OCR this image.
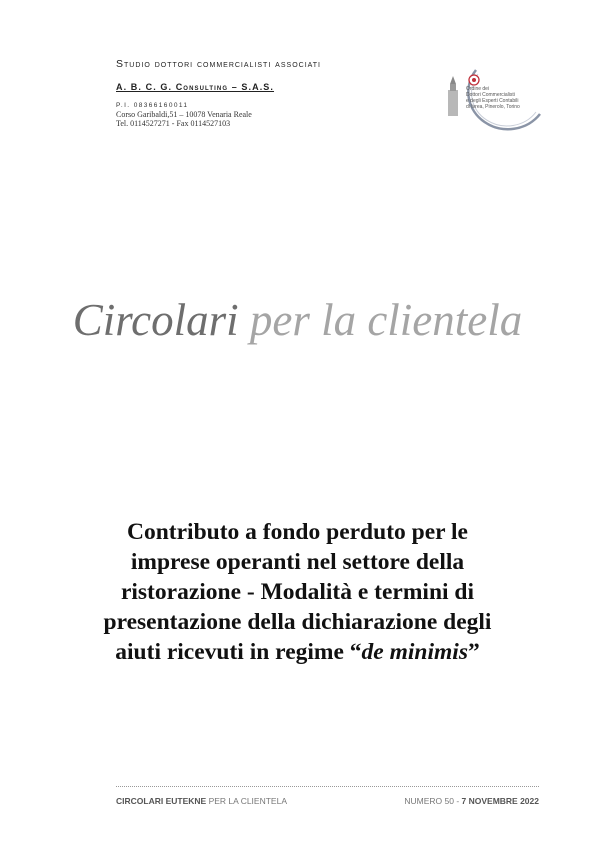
Studio dottori commercialisti associati
A. B. C. G. Consulting – S.A.S.
P.I. 08366160011
Corso Garibaldi,51 – 10078 Venaria Reale
Tel. 0114527271 - Fax 0114527103
Ordine dei
Dottori Commercialisti
e degli Esperti Contabili
di Ivrea, Pinerolo, Torino
Circolari per la clientela
Contributo a fondo perduto per le
imprese operanti nel settore della
ristorazione - Modalità e termini di
presentazione della dichiarazione degli
aiuti ricevuti in regime “de minimis”
CIRCOLARI EUTEKNE PER LA CLIENTELA	NUMERO 50 - 7 NOVEMBRE 2022
